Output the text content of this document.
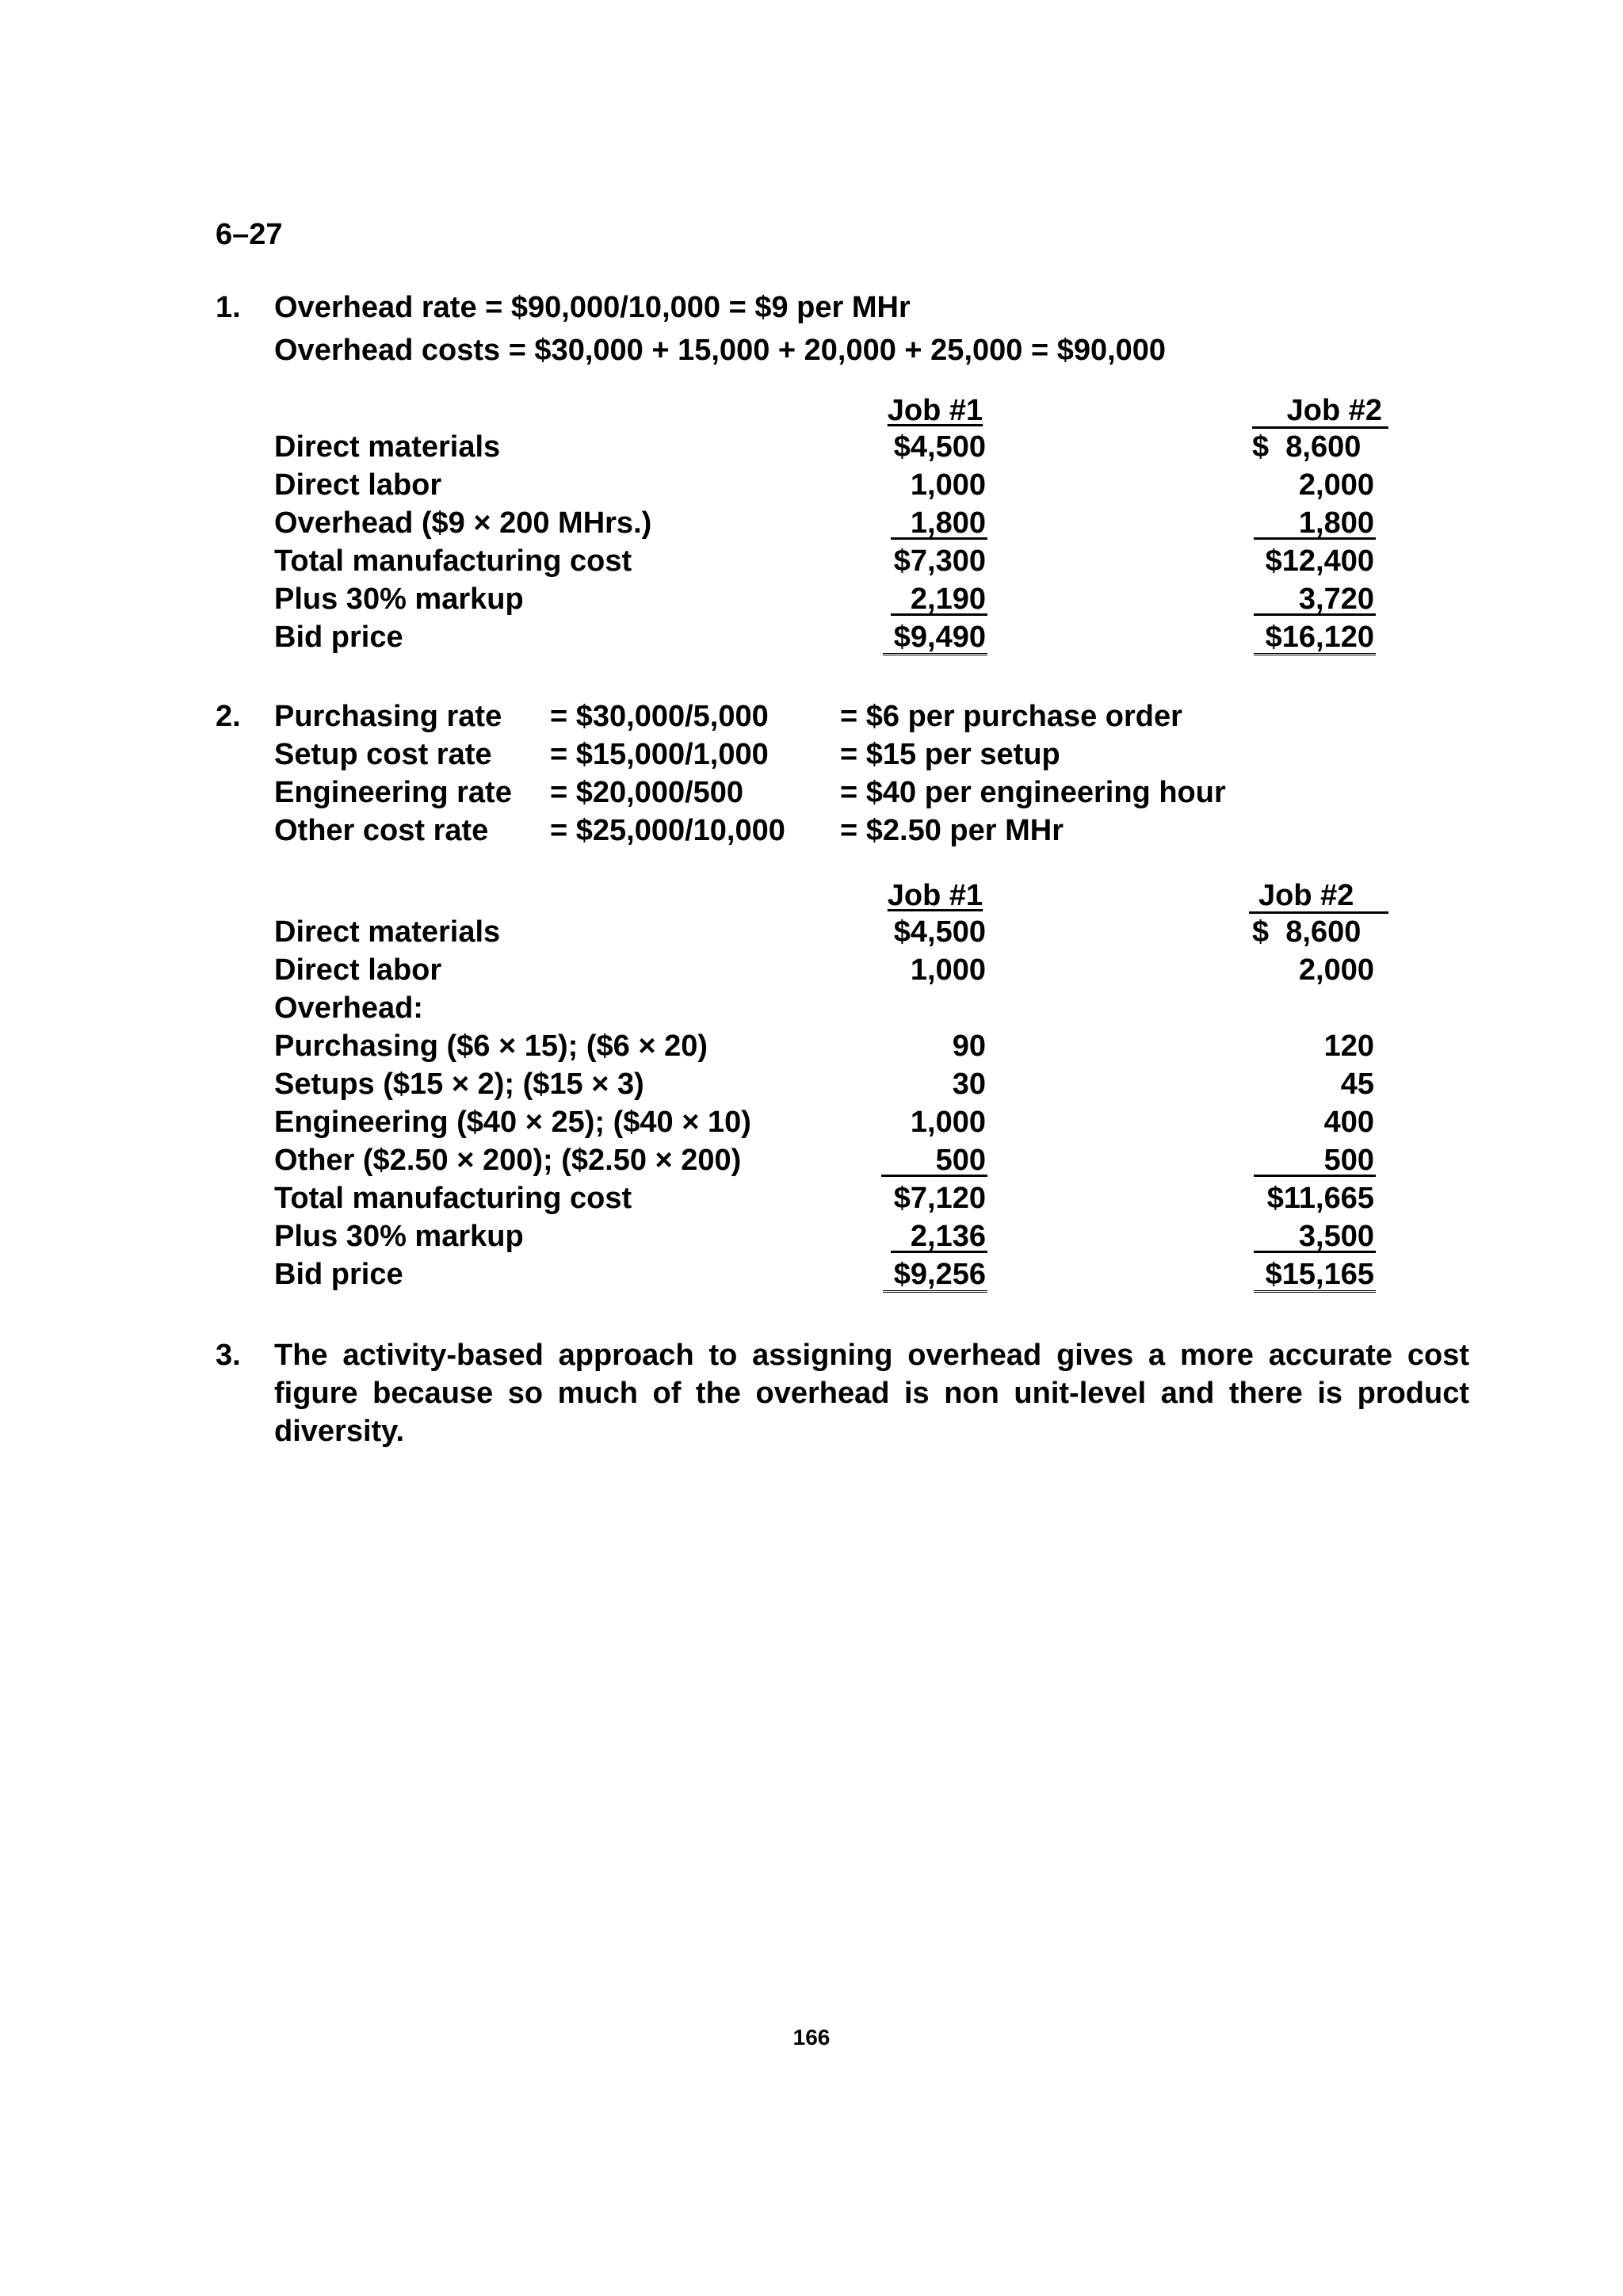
6–27
1. Overhead rate = $90,000/10,000 = $9 per MHr
Overhead costs = $30,000 + 15,000 + 20,000 + 25,000 = $90,000
Job #1	Job #2
Direct materials	$4,500	$  8,600
Direct labor	1,000	2,000
Overhead ($9 × 200 MHrs.)	1,800	1,800
Total manufacturing cost	$7,300	$12,400
Plus 30% markup	2,190	3,720
Bid price	$9,490	$16,120
2. Purchasing rate = $30,000/5,000 = $6 per purchase order
Setup cost rate = $15,000/1,000 = $15 per setup
Engineering rate = $20,000/500	= $40 per engineering hour
Other cost rate = $25,000/10,000 = $2.50 per MHr
Job #1	Job #2
Direct materials	$4,500	$  8,600
Direct labor	1,000	2,000
Overhead:
Purchasing ($6 × 15); ($6 × 20)	90	120
Setups ($15 × 2); ($15 × 3)	30	45
Engineering ($40 × 25); ($40 × 10)	1,000	400
Other ($2.50 × 200); ($2.50 × 200)	500	500
Total manufacturing cost	$7,120	$11,665
Plus 30% markup	2,136	3,500
Bid price	$9,256	$15,165
3. The activity-based approach to assigning overhead gives a more accurate cost figure because so much of the overhead is non unit-level and there is product diversity.
166
